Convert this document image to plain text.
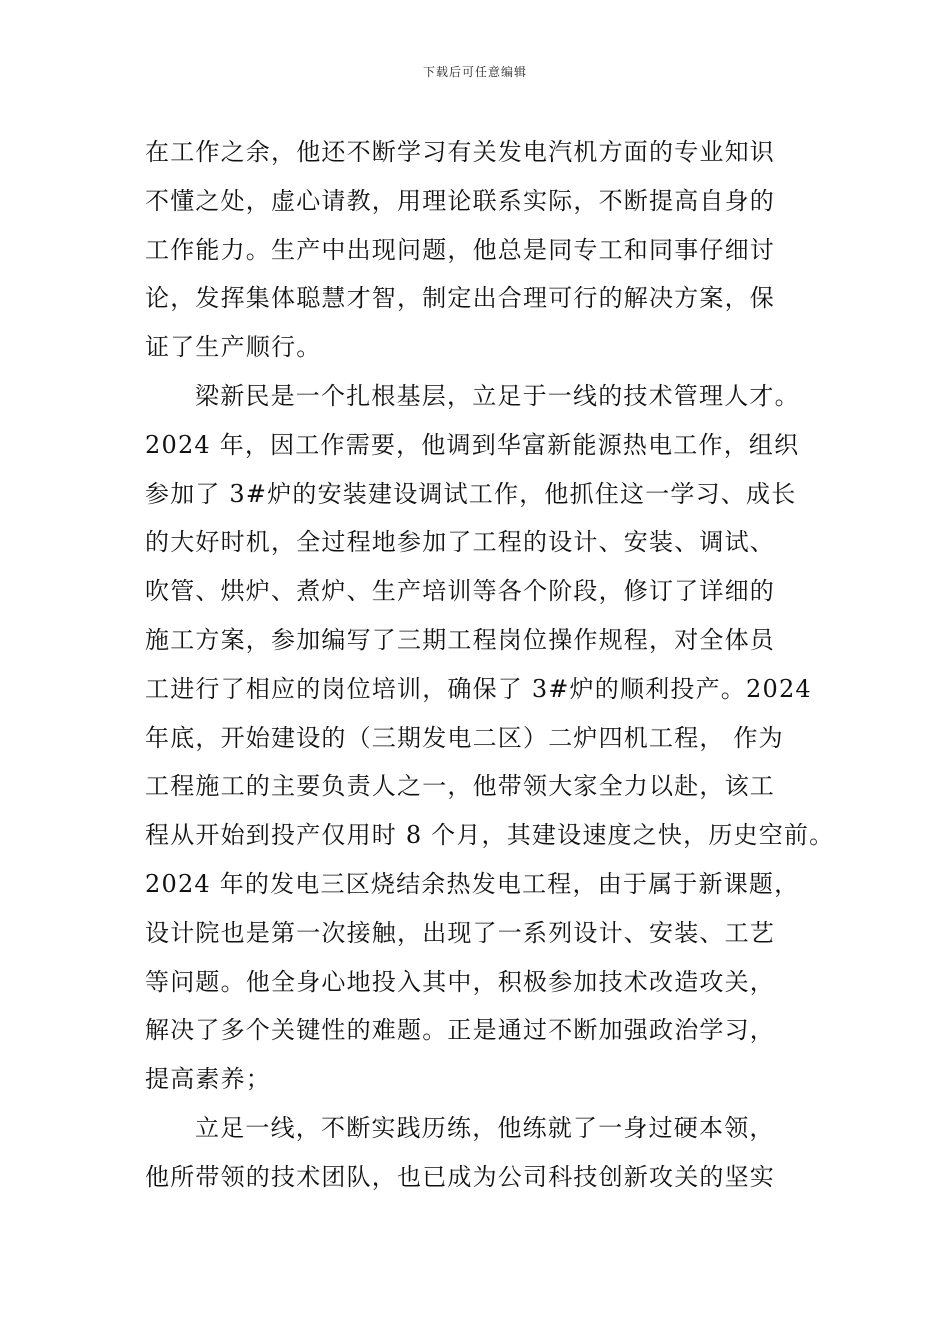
下载后可任意编辑
在工作之余，他还不断学习有关发电汽机方面的专业知识
不懂之处，虚心请教，用理论联系实际，不断提高自身的
工作能力。生产中出现问题，他总是同专工和同事仔细讨
论，发挥集体聪慧才智，制定出合理可行的解决方案，保
证了生产顺行。
梁新民是一个扎根基层，立足于一线的技术管理人才。
2024 年，因工作需要，他调到华富新能源热电工作，组织
参加了 3#炉的安装建设调试工作，他抓住这一学习、成长
的大好时机，全过程地参加了工程的设计、安装、调试、
吹管、烘炉、煮炉、生产培训等各个阶段，修订了详细的
施工方案，参加编写了三期工程岗位操作规程，对全体员
工进行了相应的岗位培训，确保了 3#炉的顺利投产。2024
年底，开始建设的（三期发电二区）二炉四机工程， 作为
工程施工的主要负责人之一，他带领大家全力以赴，该工
程从开始到投产仅用时 8 个月，其建设速度之快，历史空前。
2024 年的发电三区烧结余热发电工程，由于属于新课题，
设计院也是第一次接触，出现了一系列设计、安装、工艺
等问题。他全身心地投入其中，积极参加技术改造攻关，
解决了多个关键性的难题。正是通过不断加强政治学习，
提高素养；
立足一线，不断实践历练，他练就了一身过硬本领，
他所带领的技术团队，也已成为公司科技创新攻关的坚实
